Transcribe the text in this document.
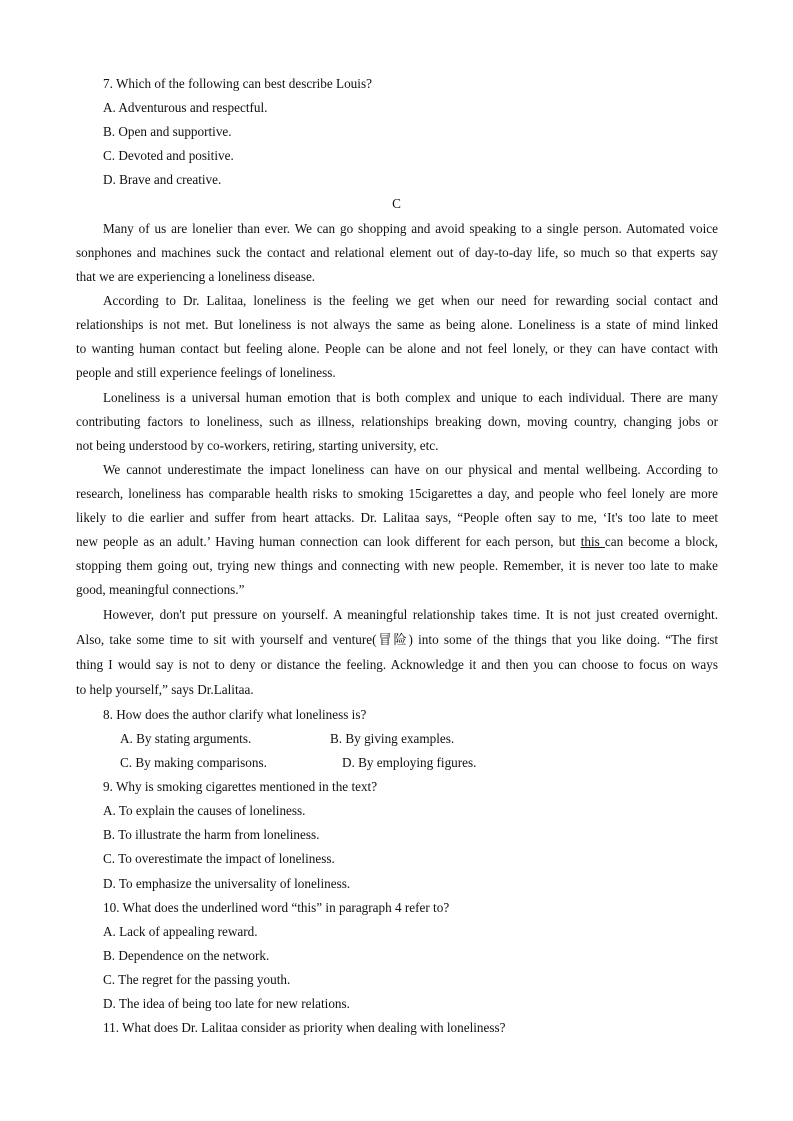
7. Which of the following can best describe Louis?
A. Adventurous and respectful.
B. Open and supportive.
C. Devoted and positive.
D. Brave and creative.
C
Many of us are lonelier than ever. We can go shopping and avoid speaking to a single person. Automated voice
sonphones and machines suck the contact and relational element out of day-to-day life, so much so that experts say
that we are experiencing a loneliness disease.
According to Dr. Lalitaa, loneliness is the feeling we get when our need for rewarding social contact and
relationships is not met. But loneliness is not always the same as being alone. Loneliness is a state of mind linked
to wanting human contact but feeling alone. People can be alone and not feel lonely, or they can have contact with
people and still experience feelings of loneliness.
Loneliness is a universal human emotion that is both complex and unique to each individual. There are many
contributing factors to loneliness, such as illness, relationships breaking down, moving country, changing jobs or
not being understood by co-workers, retiring, starting university, etc.
We cannot underestimate the impact loneliness can have on our physical and mental wellbeing. According to
research, loneliness has comparable health risks to smoking 15cigarettes a day, and people who feel lonely are more
likely to die earlier and suffer from heart attacks. Dr. Lalitaa says, “People often say to me, ‘It's too late to meet
new people as an adult.’ Having human connection can look different for each person, but this can become a block,
stopping them going out, trying new things and connecting with new people. Remember, it is never too late to make
good, meaningful connections.”
However, don't put pressure on yourself. A meaningful relationship takes time. It is not just created overnight.
Also, take some time to sit with yourself and venture(冒险) into some of the things that you like doing. “The first
thing I would say is not to deny or distance the feeling. Acknowledge it and then you can choose to focus on ways
to help yourself,” says Dr.Lalitaa.
8. How does the author clarify what loneliness is?
A. By stating arguments.	B. By giving examples.
C. By making comparisons.	D. By employing figures.
9. Why is smoking cigarettes mentioned in the text?
A. To explain the causes of loneliness.
B. To illustrate the harm from loneliness.
C. To overestimate the impact of loneliness.
D. To emphasize the universality of loneliness.
10. What does the underlined word “this” in paragraph 4 refer to?
A. Lack of appealing reward.
B. Dependence on the network.
C. The regret for the passing youth.
D. The idea of being too late for new relations.
11. What does Dr. Lalitaa consider as priority when dealing with loneliness?
